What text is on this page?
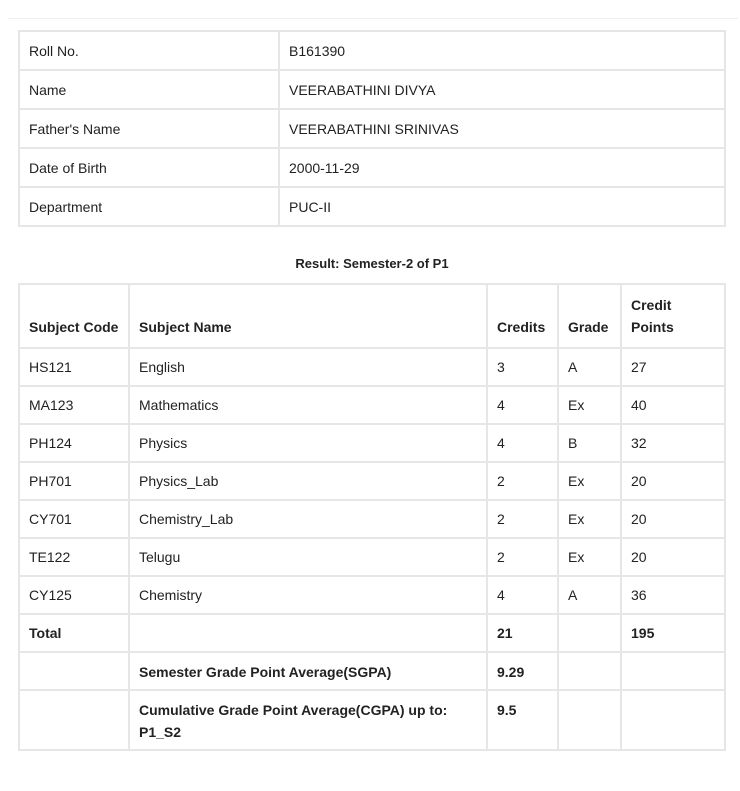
Roll No.	B161390
Name	VEERABATHINI DIVYA
Father's Name	VEERABATHINI SRINIVAS
Date of Birth	2000-11-29
Department	PUC-II
Result: Semester-2 of P1
Subject Code	Subject Name	Credits	Grade	Credit Points
HS121	English	3	A	27
MA123	Mathematics	4	Ex	40
PH124	Physics	4	B	32
PH701	Physics_Lab	2	Ex	20
CY701	Chemistry_Lab	2	Ex	20
TE122	Telugu	2	Ex	20
CY125	Chemistry	4	A	36
Total		21		195
	Semester Grade Point Average(SGPA)	9.29		
	Cumulative Grade Point Average(CGPA) up to: P1_S2	9.5		
